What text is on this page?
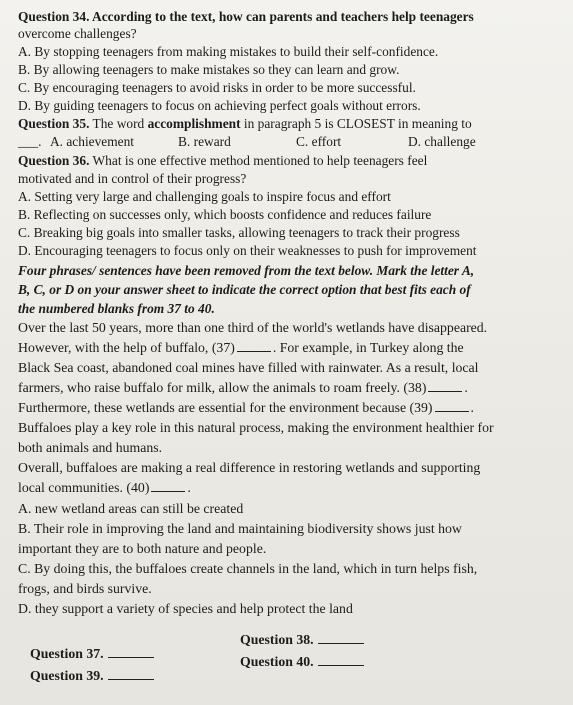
Question 34. According to the text, how can parents and teachers help teenagers
overcome challenges?
A. By stopping teenagers from making mistakes to build their self-confidence.
B. By allowing teenagers to make mistakes so they can learn and grow.
C. By encouraging teenagers to avoid risks in order to be more successful.
D. By guiding teenagers to focus on achieving perfect goals without errors.
Question 35. The word accomplishment in paragraph 5 is CLOSEST in meaning to
___. A. achievement	B. reward	C. effort	D. challenge
Question 36. What is one effective method mentioned to help teenagers feel
motivated and in control of their progress?
A. Setting very large and challenging goals to inspire focus and effort
B. Reflecting on successes only, which boosts confidence and reduces failure
C. Breaking big goals into smaller tasks, allowing teenagers to track their progress
D. Encouraging teenagers to focus only on their weaknesses to push for improvement
Four phrases/ sentences have been removed from the text below. Mark the letter A,
B, C, or D on your answer sheet to indicate the correct option that best fits each of
the numbered blanks from 37 to 40.
Over the last 50 years, more than one third of the world's wetlands have disappeared.
However, with the help of buffalo, (37)	. For example, in Turkey along the
Black Sea coast, abandoned coal mines have filled with rainwater. As a result, local
farmers, who raise buffalo for milk, allow the animals to roam freely. (38)	.
Furthermore, these wetlands are essential for the environment because (39)	.
Buffaloes play a key role in this natural process, making the environment healthier for
both animals and humans.
Overall, buffaloes are making a real difference in restoring wetlands and supporting
local communities. (40)	.
A. new wetland areas can still be created
B. Their role in improving the land and maintaining biodiversity shows just how
important they are to both nature and people.
C. By doing this, the buffaloes create channels in the land, which in turn helps fish,
frogs, and birds survive.
D. they support a variety of species and help protect the land
Question 38.
Question 37.
Question 40.
Question 39.
